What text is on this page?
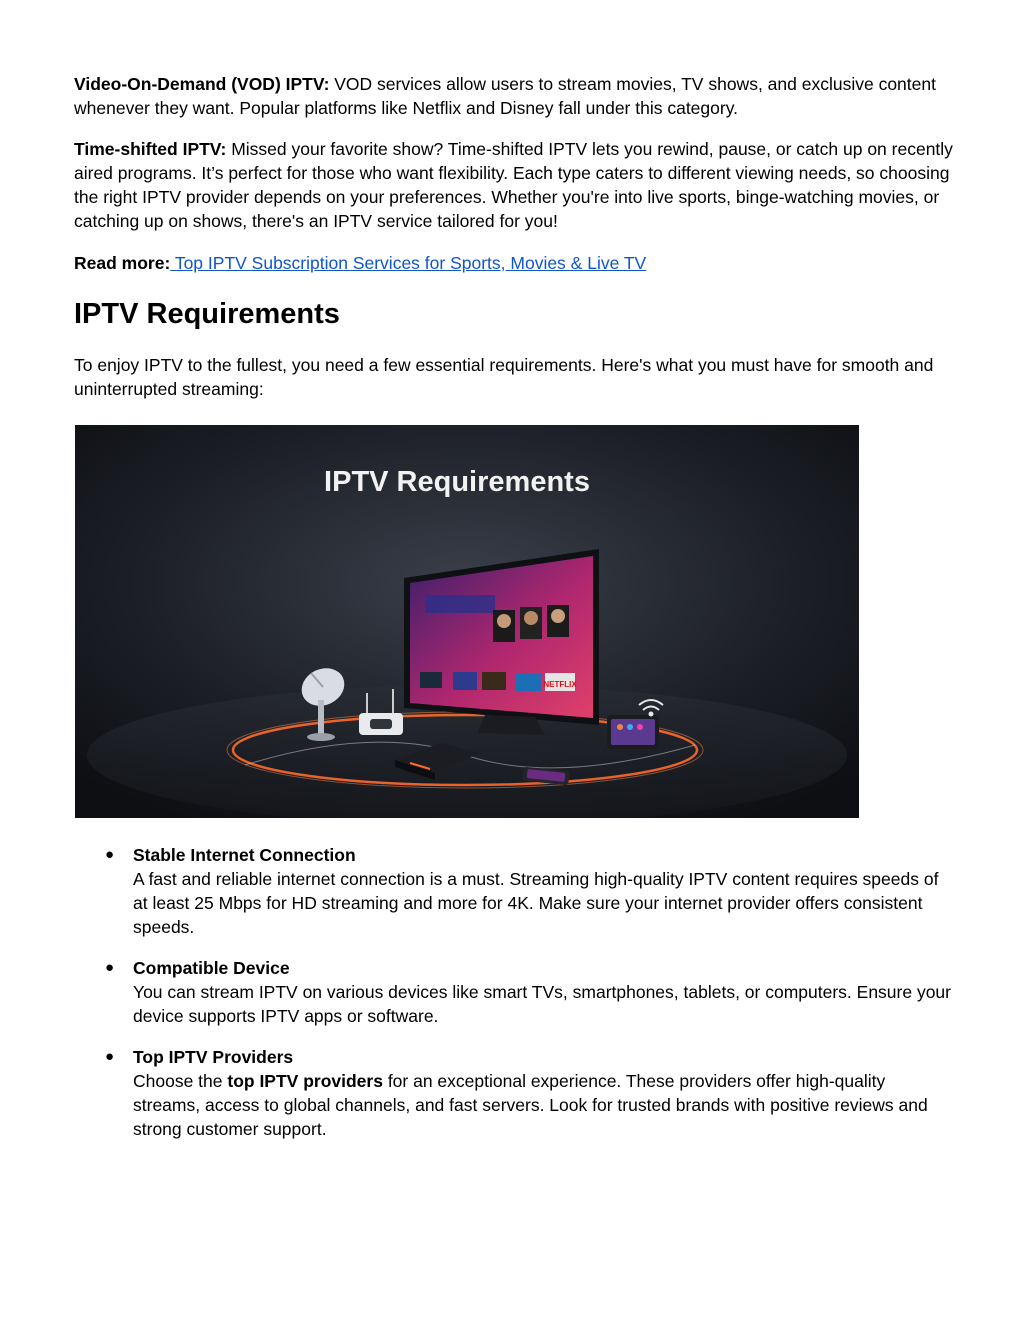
Video-On-Demand (VOD) IPTV: VOD services allow users to stream movies, TV shows, and exclusive content whenever they want. Popular platforms like Netflix and Disney fall under this category.

Time-shifted IPTV: Missed your favorite show? Time-shifted IPTV lets you rewind, pause, or catch up on recently aired programs. It’s perfect for those who want flexibility. Each type caters to different viewing needs, so choosing the right IPTV provider depends on your preferences. Whether you're into live sports, binge-watching movies, or catching up on shows, there's an IPTV service tailored for you!

Read more: Top IPTV Subscription Services for Sports, Movies & Live TV

IPTV Requirements

To enjoy IPTV to the fullest, you need a few essential requirements. Here's what you must have for smooth and uninterrupted streaming:

IPTV Requirements
NETFLIX
● Stable Internet Connection
A fast and reliable internet connection is a must. Streaming high-quality IPTV content requires speeds of at least 25 Mbps for HD streaming and more for 4K. Make sure your internet provider offers consistent speeds.
● Compatible Device
You can stream IPTV on various devices like smart TVs, smartphones, tablets, or computers. Ensure your device supports IPTV apps or software.
● Top IPTV Providers
Choose the top IPTV providers for an exceptional experience. These providers offer high-quality streams, access to global channels, and fast servers. Look for trusted brands with positive reviews and strong customer support.
